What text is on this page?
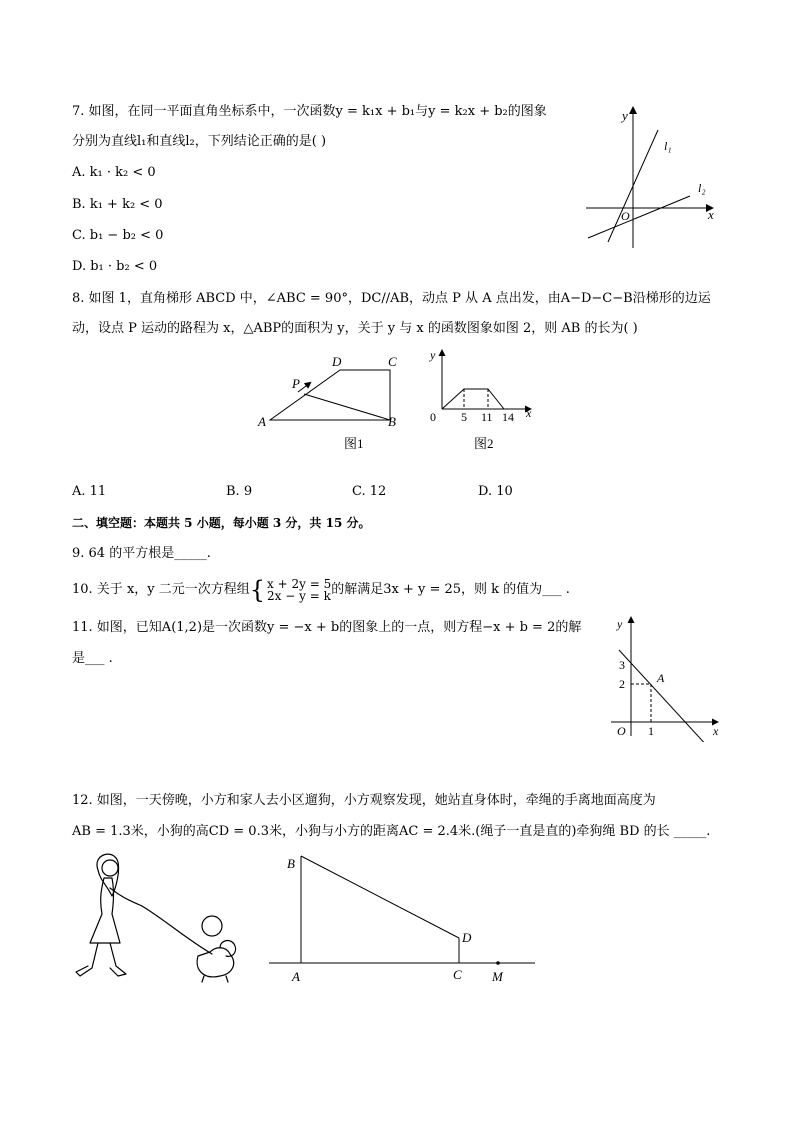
7. 如图，在同一平面直角坐标系中，一次函数y = k₁x + b₁与y = k₂x + b₂的图象
分别为直线l₁和直线l₂，下列结论正确的是( )
A. k₁ · k₂ < 0
B. k₁ + k₂ < 0
C. b₁ − b₂ < 0
D. b₁ · b₂ < 0
y
x
O
l₁
l₂
8. 如图 1，直角梯形 ABCD 中，∠ABC = 90°，DC//AB，动点 P 从 A 点出发，由A−D−C−B沿梯形的边运
动，设点 P 运动的路程为 x，△ABP的面积为 y，关于 y 与 x 的函数图象如图 2，则 AB 的长为( )
A	B
C
D
P
图1
y
x
0 5 11 14
图2
A. 11	B. 9	C. 12	D. 10
二、填空题：本题共 5 小题，每小题 3 分，共 15 分。
9. 64 的平方根是_____.
10. 关于 x，y 二元一次方程组{ x + 2y = 5
2x − y = k的解满足3x + y = 25，则 k 的值为___ .
11. 如图，已知A(1,2)是一次函数y = −x + b的图象上的一点，则方程−x + b = 2的解
是___ .
y
x
O
3
2
1
A
12. 如图，一天傍晚，小方和家人去小区遛狗，小方观察发现，她站直身体时，牵绳的手离地面高度为
AB = 1.3米，小狗的高CD = 0.3米，小狗与小方的距离AC = 2.4米.(绳子一直是直的)牵狗绳 BD 的长 _____.
A
B
C
D
M
